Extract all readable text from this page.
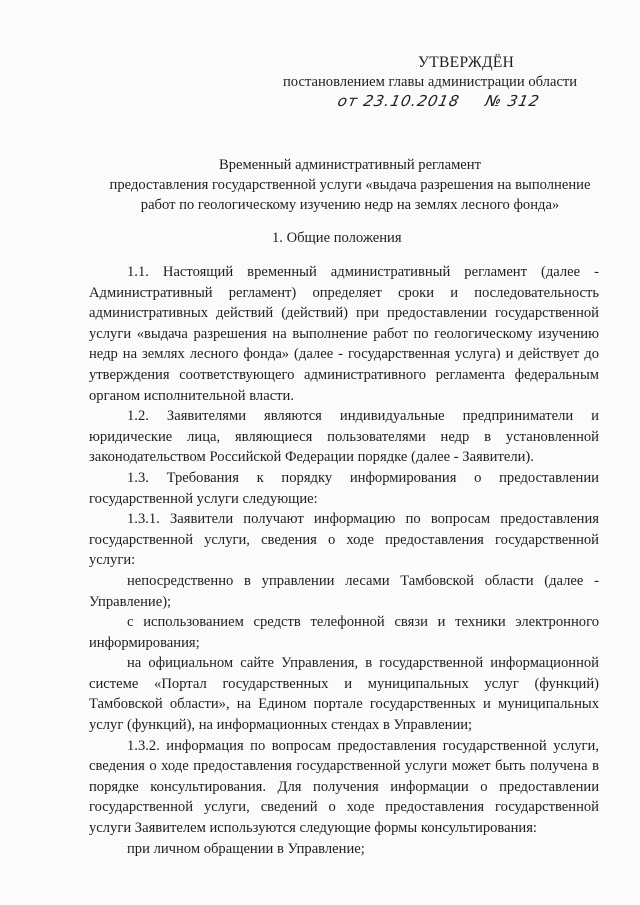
УТВЕРЖДЁН
постановлением главы администрации области
от 23.10.2018 № 312
Временный административный регламент
предоставления государственной услуги «выдача разрешения на выполнение
работ по геологическому изучению недр на землях лесного фонда»
1. Общие положения

1.1. Настоящий временный административный регламент (далее - Административный регламент) определяет сроки и последовательность административных действий (действий) при предоставлении государственной услуги «выдача разрешения на выполнение работ по геологическому изучению недр на землях лесного фонда» (далее - государственная услуга) и действует до утверждения соответствующего административного регламента федеральным органом исполнительной власти.

1.2. Заявителями являются индивидуальные предприниматели и юридические лица, являющиеся пользователями недр в установленной законодательством Российской Федерации порядке (далее - Заявители).

1.3. Требования к порядку информирования о предоставлении государственной услуги следующие:

1.3.1. Заявители получают информацию по вопросам предоставления государственной услуги, сведения о ходе предоставления государственной услуги:

непосредственно в управлении лесами Тамбовской области (далее - Управление);

с использованием средств телефонной связи и техники электронного информирования;

на официальном сайте Управления, в государственной информационной системе «Портал государственных и муниципальных услуг (функций) Тамбовской области», на Едином портале государственных и муниципальных услуг (функций), на информационных стендах в Управлении;

1.3.2. информация по вопросам предоставления государственной услуги, сведения о ходе предоставления государственной услуги может быть получена в порядке консультирования. Для получения информации о предоставлении государственной услуги, сведений о ходе предоставления государственной услуги Заявителем используются следующие формы консультирования:

при личном обращении в Управление;
